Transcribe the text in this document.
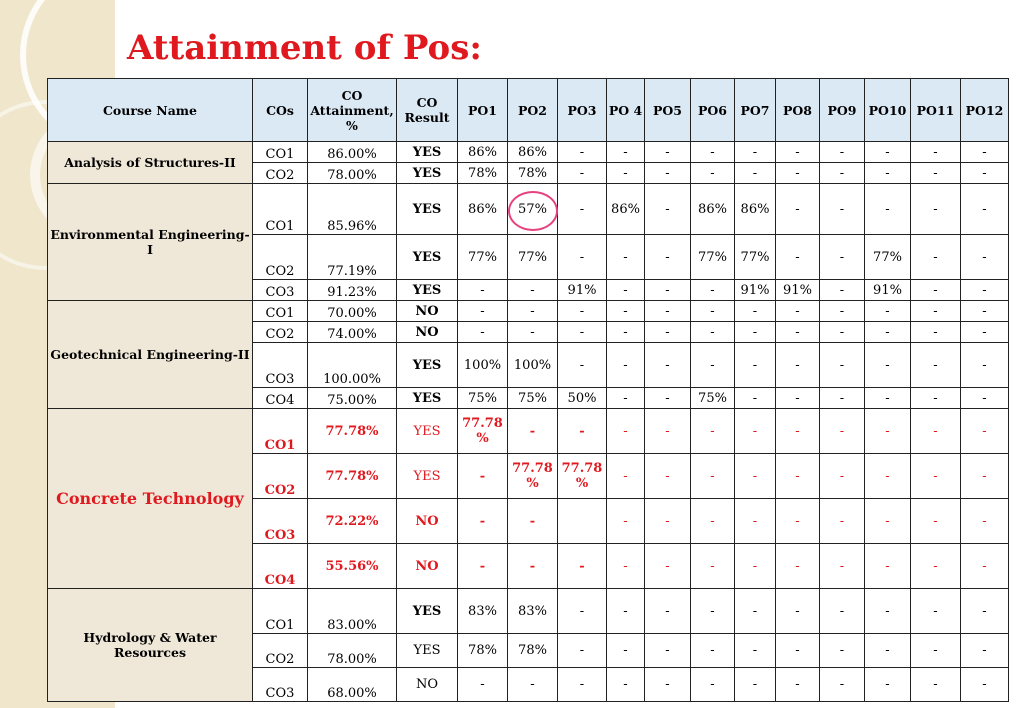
Attainment of Pos:
Course Name	COs	CO Attainment, %	CO Result	PO1	PO2	PO3	PO 4	PO5	PO6	PO7	PO8	PO9	PO10	PO11	PO12
Analysis of Structures-II	CO1	86.00%	YES	86%	86%	-	-	-	-	-	-	-	-	-	-
	CO2	78.00%	YES	78%	78%	-	-	-	-	-	-	-	-	-	-
Environmental Engineering-I	CO1	85.96%	YES	86%	57%	-	86%	-	86%	86%	-	-	-	-	-
	CO2	77.19%	YES	77%	77%	-	-	-	77%	77%	-	-	77%	-	-
	CO3	91.23%	YES	-	-	91%	-	-	-	91%	91%	-	91%	-	-
Geotechnical Engineering-II	CO1	70.00%	NO	-	-	-	-	-	-	-	-	-	-	-	-
	CO2	74.00%	NO	-	-	-	-	-	-	-	-	-	-	-	-
	CO3	100.00%	YES	100%	100%	-	-	-	-	-	-	-	-	-	-
	CO4	75.00%	YES	75%	75%	50%	-	-	75%	-	-	-	-	-	-
Concrete Technology	CO1	77.78%	YES	77.78 %	-	-	-	-	-	-	-	-	-	-	-
	CO2	77.78%	YES	-	77.78 %	77.78 %	-	-	-	-	-	-	-	-	-
	CO3	72.22%	NO	-	-		-	-	-	-	-	-	-	-	-
	CO4	55.56%	NO	-	-	-	-	-	-	-	-	-	-	-	-
Hydrology & Water Resources	CO1	83.00%	YES	83%	83%	-	-	-	-	-	-	-	-	-	-
	CO2	78.00%	YES	78%	78%	-	-	-	-	-	-	-	-	-	-
	CO3	68.00%	NO	-	-	-	-	-	-	-	-	-	-	-	-
